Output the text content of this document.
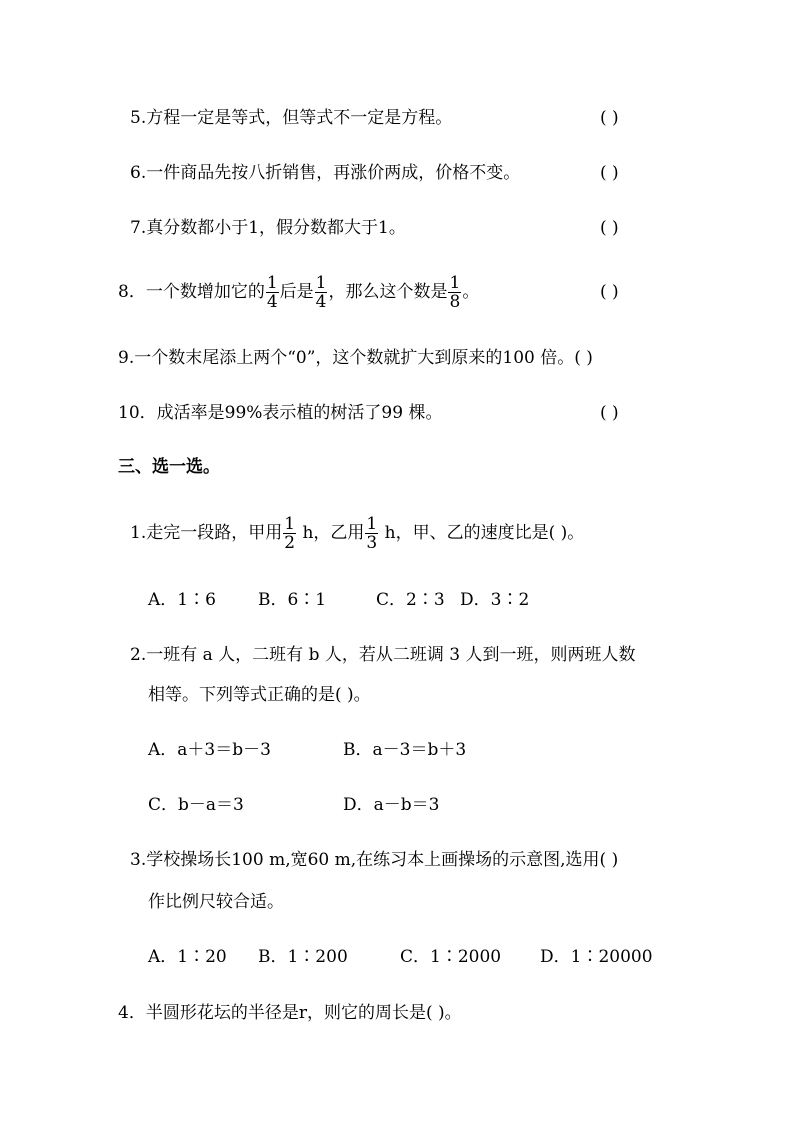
5.方程一定是等式，但等式不一定是方程。	( )
6.一件商品先按八折销售，再涨价两成，价格不变。	( )
7.真分数都小于1，假分数都大于1。	( )
8．一个数增加它的 $\frac{1}{4}$ 后是 $\frac{1}{4}$ ，那么这个数是 $\frac{1}{8}$ 。	( )
9.一个数末尾添上两个“0”，这个数就扩大到原来的100 倍。( )
10．成活率是99%表示植的树活了99 棵。	( )
三、选一选。
1.走完一段路，甲用 $\frac{1}{2}$ h，乙用 $\frac{1}{3}$ h，甲、乙的速度比是( )。
A．1∶6 B．6∶1	C．2∶3 D．3∶2
2.一班有 a 人，二班有 b 人，若从二班调 3 人到一班，则两班人数
相等。下列等式正确的是( )。
A．a＋3＝b－3	B．a－3＝b＋3
C．b－a＝3	D．a－b＝3
3.学校操场长100 m,宽60 m,在练习本上画操场的示意图,选用( )
作比例尺较合适。
A．1∶20 B．1∶200	C．1∶2000 D．1∶20000
4．半圆形花坛的半径是r，则它的周长是( )。
